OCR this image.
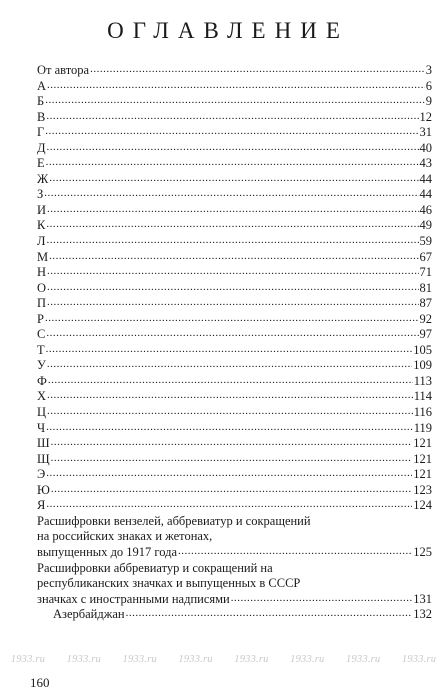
ОГЛАВЛЕНИЕ
От автора .....	3
А .....	6
Б .....	9
В .....	12
Г .....	31
Д .....	40
Е .....	43
Ж .....	44
З .....	44
И .....	46
К .....	49
Л .....	59
М .....	67
Н .....	71
О .....	81
П .....	87
Р .....	92
С .....	97
Т .....	105
У .....	109
Ф .....	113
Х .....	114
Ц .....	116
Ч .....	119
Ш .....	121
Щ .....	121
Э .....	121
Ю .....	123
Я .....	124
Расшифровки вензелей, аббревиатур и сокращений
на российских знаках и жетонах,
выпущенных до 1917 года .....	125
Расшифровки аббревиатур и сокращений на
республиканских значках и выпущенных в СССР
значках с иностранными надписями .....	131
Азербайджан .....	132
1933.ru 1933.ru 1933.ru 1933.ru 1933.ru 1933.ru 1933.ru 1933.ru
160
